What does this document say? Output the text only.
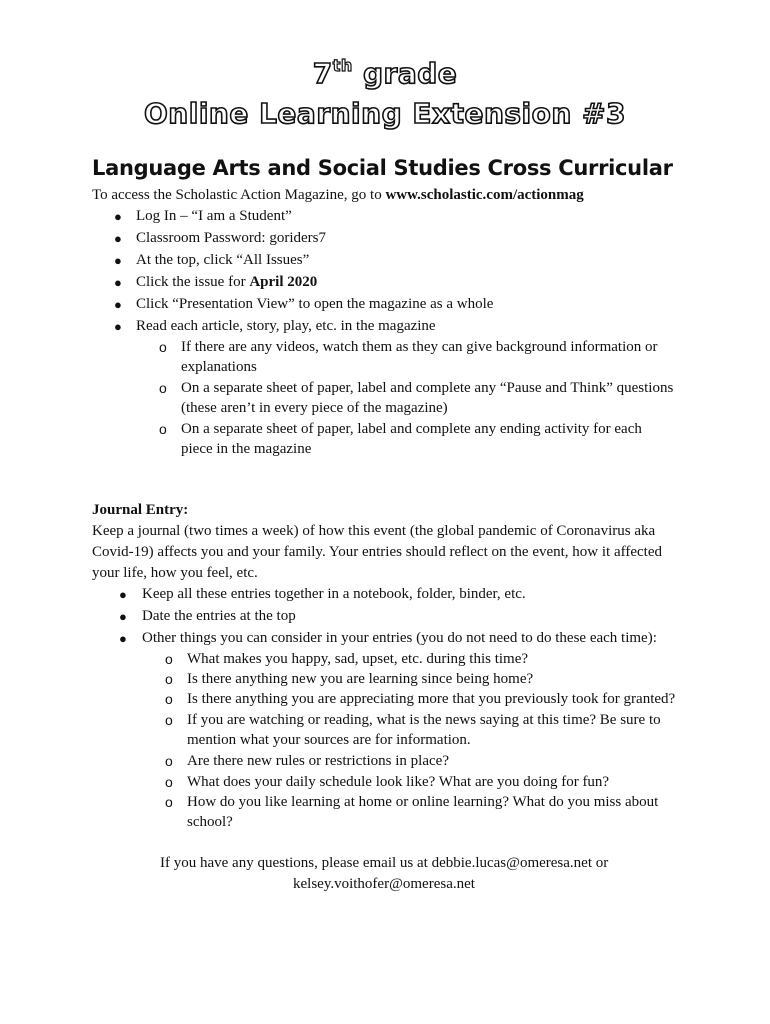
7th grade
Online Learning Extension #3
Language Arts and Social Studies Cross Curricular
To access the Scholastic Action Magazine, go to www.scholastic.com/actionmag
● Log In – “I am a Student”
● Classroom Password: goriders7
● At the top, click “All Issues”
● Click the issue for April 2020
● Click “Presentation View” to open the magazine as a whole
● Read each article, story, play, etc. in the magazine
o If there are any videos, watch them as they can give background information or
explanations
o On a separate sheet of paper, label and complete any “Pause and Think” questions
(these aren’t in every piece of the magazine)
o On a separate sheet of paper, label and complete any ending activity for each
piece in the magazine
Journal Entry:
Keep a journal (two times a week) of how this event (the global pandemic of Coronavirus aka
Covid-19) affects you and your family. Your entries should reflect on the event, how it affected
your life, how you feel, etc.
● Keep all these entries together in a notebook, folder, binder, etc.
● Date the entries at the top
● Other things you can consider in your entries (you do not need to do these each time):
o What makes you happy, sad, upset, etc. during this time?
o Is there anything new you are learning since being home?
o Is there anything you are appreciating more that you previously took for granted?
o If you are watching or reading, what is the news saying at this time? Be sure to
mention what your sources are for information.
o Are there new rules or restrictions in place?
o What does your daily schedule look like? What are you doing for fun?
o How do you like learning at home or online learning? What do you miss about
school?
If you have any questions, please email us at debbie.lucas@omeresa.net or
kelsey.voithofer@omeresa.net
